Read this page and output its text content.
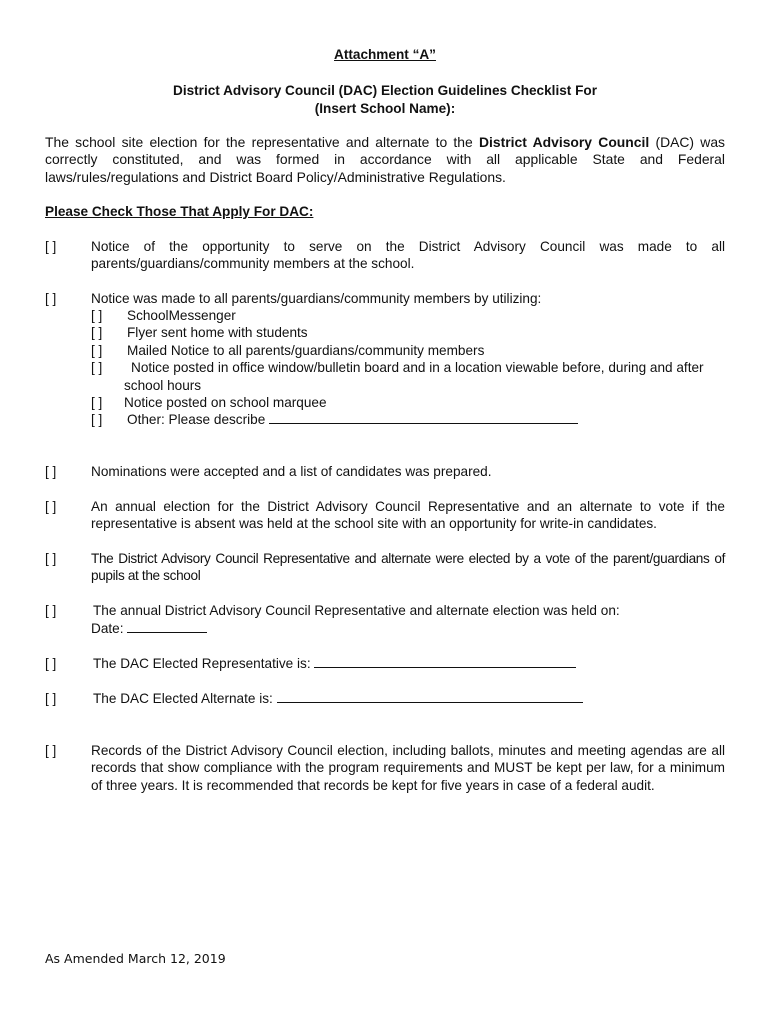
Attachment “A”
District Advisory Council (DAC) Election Guidelines Checklist For
(Insert School Name):
The school site election for the representative and alternate to the District Advisory Council (DAC) was correctly constituted, and was formed in accordance with all applicable State and Federal laws/rules/regulations and District Board Policy/Administrative Regulations.
Please Check Those That Apply For DAC:
[ ]	Notice of the opportunity to serve on the District Advisory Council was made to all parents/guardians/community members at the school.
[ ]	Notice was made to all parents/guardians/community members by utilizing:
[ ] SchoolMessenger
[ ] Flyer sent home with students
[ ] Mailed Notice to all parents/guardians/community members
[ ] Notice posted in office window/bulletin board and in a location viewable before, during and after
school hours
[ ] Notice posted on school marquee
[ ] Other: Please describe
[ ]	Nominations were accepted and a list of candidates was prepared.
[ ]	An annual election for the District Advisory Council Representative and an alternate to vote if the representative is absent was held at the school site with an opportunity for write-in candidates.
[ ]	The District Advisory Council Representative and alternate were elected by a vote of the parent/guardians of pupils at the school
[ ]	The annual District Advisory Council Representative and alternate election was held on:
Date:
[ ]	The DAC Elected Representative is:
[ ]	The DAC Elected Alternate is:
[ ]	Records of the District Advisory Council election, including ballots, minutes and meeting agendas are all records that show compliance with the program requirements and MUST be kept per law, for a minimum of three years. It is recommended that records be kept for five years in case of a federal audit.
As Amended March 12, 2019
